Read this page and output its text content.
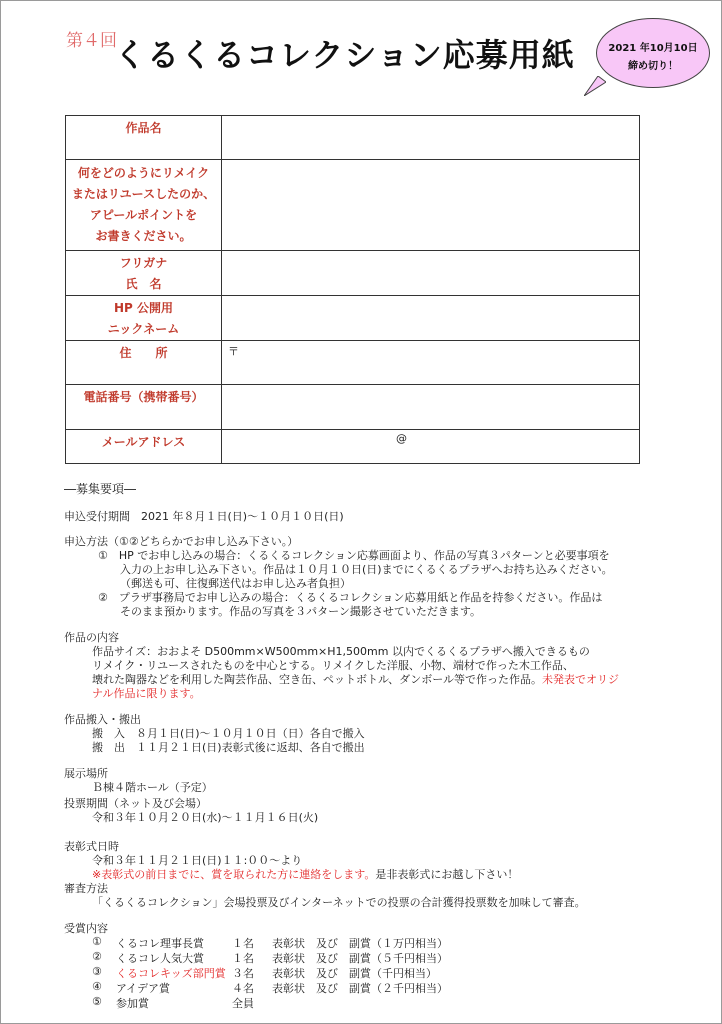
第４回
くるくるコレクション応募用紙	2021 年10月10日
締め切り！
作品名	

何をどのようにリメイク
またはリユースしたのか、
アピールポイントを
お書きください。	

フリガナ
氏　名	

HP 公開用
ニックネーム	

住　　所	〒
電話番号（携帯番号）	
メールアドレス	@
―募集要項―
申込受付期間　2021 年８月１日(日)～１０月１０日(日)
申込方法（①②どちらかでお申し込み下さい。）
①　HP でお申し込みの場合：くるくるコレクション応募画面より、作品の写真３パターンと必要事項を
入力の上お申し込み下さい。作品は１０月１０日(日)までにくるくるプラザへお持ち込みください。
（郵送も可、往復郵送代はお申し込み者負担）
②　プラザ事務局でお申し込みの場合：くるくるコレクション応募用紙と作品を持参ください。作品は
そのまま預かります。作品の写真を３パターン撮影させていただきます。
作品の内容
作品サイズ：おおよそ D500mm×W500mm×H1,500mm 以内でくるくるプラザへ搬入できるもの
リメイク・リユースされたものを中心とする。リメイクした洋服、小物、端材で作った木工作品、
壊れた陶器などを利用した陶芸作品、空き缶、ペットボトル、ダンボール等で作った作品。未発表でオリジ
ナル作品に限ります。
作品搬入・搬出
搬　入　８月１日(日)～１０月１０日（日）各自で搬入
搬　出　１１月２１日(日)表彰式後に返却、各自で搬出
展示場所
Ｂ棟４階ホール（予定）
投票期間（ネット及び会場）
令和３年１０月２０日(水)～１１月１６日(火)
表彰式日時
令和３年１１月２１日(日)１１:００～より
※表彰式の前日までに、賞を取られた方に連絡をします。是非表彰式にお越し下さい！
審査方法
「くるくるコレクション」会場投票及びインターネットでの投票の合計獲得投票数を加味して審査。
受賞内容
① くるコレ理事長賞	１名 表彰状　及び　副賞（１万円相当）
② くるコレ人気大賞	１名 表彰状　及び　副賞（５千円相当）
③ くるコレキッズ部門賞 ３名 表彰状　及び　副賞（千円相当）
④ アイデア賞	４名 表彰状　及び　副賞（２千円相当）
⑤ 参加賞	全員
